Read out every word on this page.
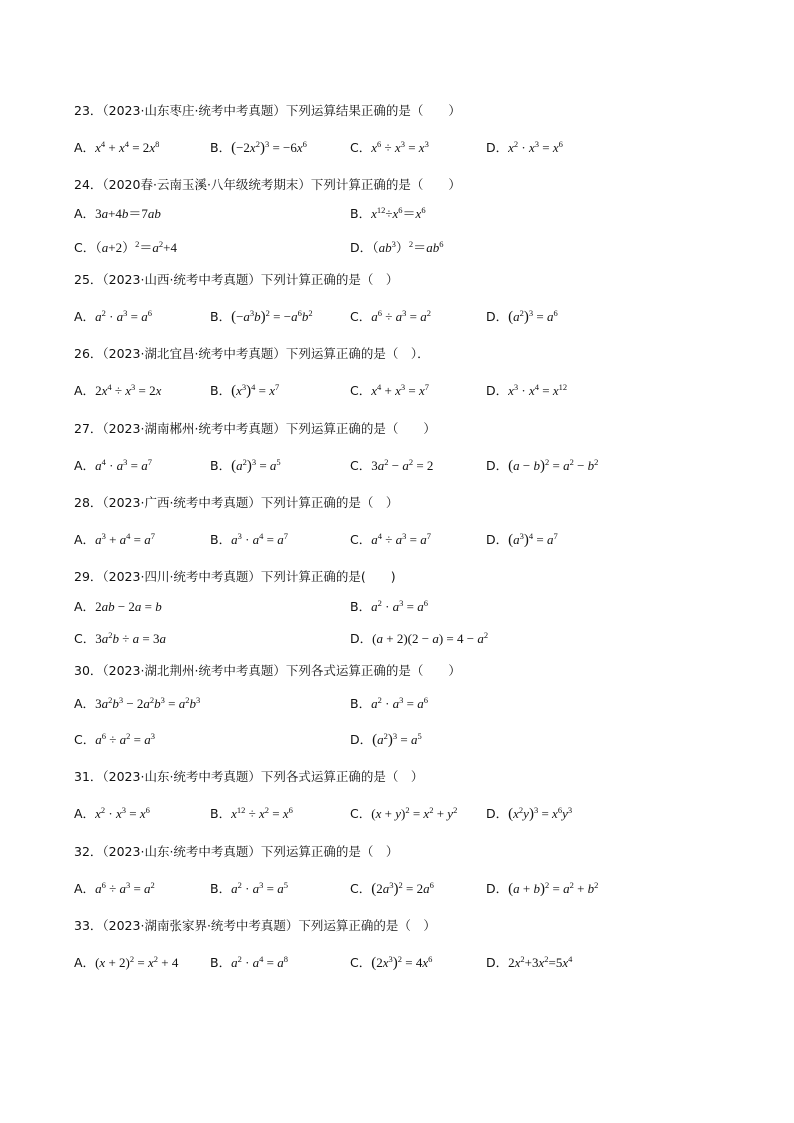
23．（2023·山东枣庄·统考中考真题）下列运算结果正确的是（　　）
A．$x^4 + x^4 = 2x^8$	B．$(-2x^2)^3 = -6x^6$	C．$x^6 \div x^3 = x^3$	D．$x^2 \cdot x^3 = x^6$
24．（2020春·云南玉溪·八年级统考期末）下列计算正确的是（　　）
A．3a+4b＝7ab	B．$x^{12}\div x^6=x^6$
C．$(a+2)^2=a^2+4$	D．$(ab^3)^2=ab^6$
25．（2023·山西·统考中考真题）下列计算正确的是（　）
A．$a^2 \cdot a^3 = a^6$	B．$(-a^3b)^2 = -a^6b^2$	C．$a^6 \div a^3 = a^2$	D．$(a^2)^3 = a^6$
26．（2023·湖北宜昌·统考中考真题）下列运算正确的是（　）．
A．$2x^4 \div x^3 = 2x$	B．$(x^3)^4 = x^7$	C．$x^4 + x^3 = x^7$	D．$x^3 \cdot x^4 = x^{12}$
27．（2023·湖南郴州·统考中考真题）下列运算正确的是（　　）
A．$a^4 \cdot a^3 = a^7$	B．$(a^2)^3 = a^5$	C．$3a^2 - a^2 = 2$	D．$(a - b)^2 = a^2 - b^2$
28．（2023·广西·统考中考真题）下列计算正确的是（　）
A．$a^3 + a^4 = a^7$	B．$a^3 \cdot a^4 = a^7$	C．$a^4 \div a^3 = a^7$	D．$(a^3)^4 = a^7$
29．（2023·四川·统考中考真题）下列计算正确的是(　　)
A．2ab − 2a = b	B．$a^2 \cdot a^3 = a^6$
C．$3a^2b \div a = 3a$	D．$(a + 2)(2 - a) = 4 - a^2$
30．（2023·湖北荆州·统考中考真题）下列各式运算正确的是（　　）
A．$3a^2b^3 - 2a^2b^3 = a^2b^3$	B．$a^2 \cdot a^3 = a^6$
C．$a^6 \div a^2 = a^3$	D．$(a^2)^3 = a^5$
31．（2023·山东·统考中考真题）下列各式运算正确的是（　）
A．$x^2 \cdot x^3 = x^6$	B．$x^{12} \div x^2 = x^6$	C．$(x + y)^2 = x^2 + y^2$ D．$(x^2y)^3 = x^6y^3$
32．（2023·山东·统考中考真题）下列运算正确的是（　）
A．$a^6 \div a^3 = a^2$	B．$a^2 \cdot a^3 = a^5$	C．$(2a^3)^2 = 2a^6$	D．$(a + b)^2 = a^2 + b^2$
33．（2023·湖南张家界·统考中考真题）下列运算正确的是（　）
A．$(x + 2)^2 = x^2 + 4$	B．$a^2 \cdot a^4 = a^8$	C．$(2x^3)^2 = 4x^6$	D．$2x^2+3x^2=5x^4$
